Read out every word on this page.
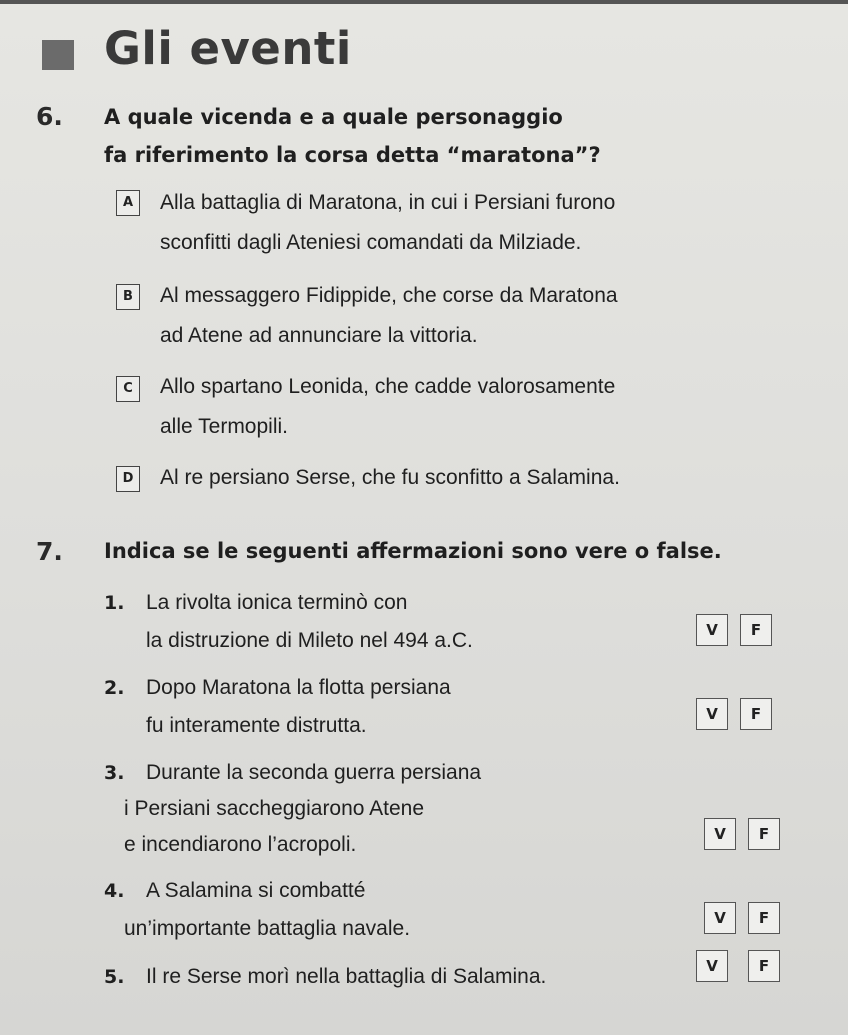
Gli eventi
6. A quale vicenda e a quale personaggio
fa riferimento la corsa detta “maratona”?
A	Alla battaglia di Maratona, in cui i Persiani furono
sconfitti dagli Ateniesi comandati da Milziade.
B	Al messaggero Fidippide, che corse da Maratona
ad Atene ad annunciare la vittoria.
C	Allo spartano Leonida, che cadde valorosamente
alle Termopili.
D	Al re persiano Serse, che fu sconfitto a Salamina.
7. Indica se le seguenti affermazioni sono vere o false.
1. La rivolta ionica terminò con
la distruzione di Mileto nel 494 a.C.	V	F
2. Dopo Maratona la flotta persiana
fu interamente distrutta.	V	F
3. Durante la seconda guerra persiana
i Persiani saccheggiarono Atene
e incendiarono l’acropoli.	V	F
4. A Salamina si combatté
un’importante battaglia navale.	V	F
5. Il re Serse morì nella battaglia di Salamina.	V	F
